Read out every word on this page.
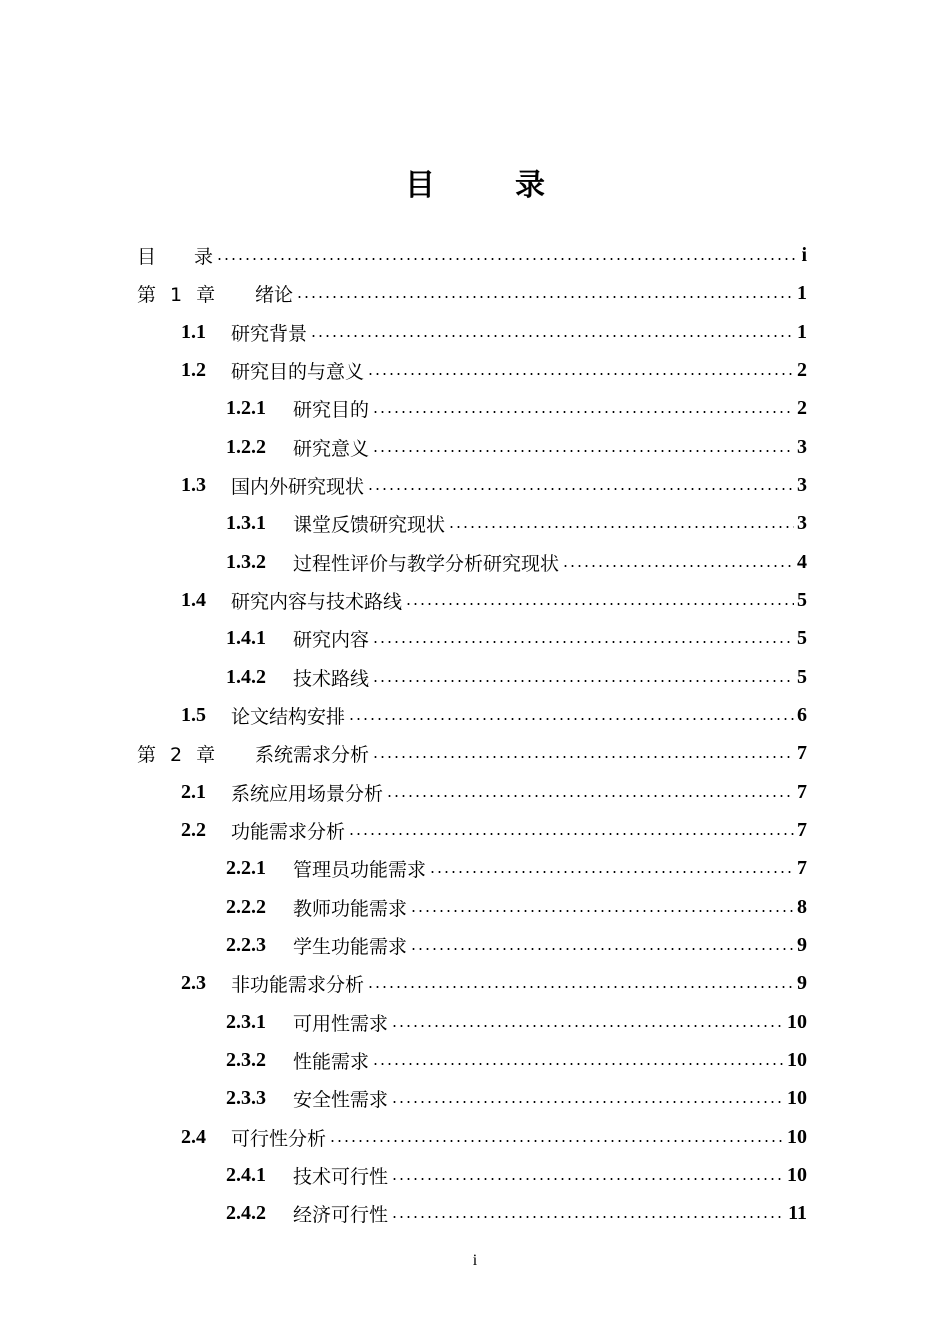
目	录
目　　录	i
第 1 章	绪论	1
1.1	研究背景	1
1.2	研究目的与意义	2
1.2.1	研究目的	2
1.2.2	研究意义	3
1.3	国内外研究现状	3
1.3.1	课堂反馈研究现状	3
1.3.2	过程性评价与教学分析研究现状	4
1.4	研究内容与技术路线	5
1.4.1	研究内容	5
1.4.2	技术路线	5
1.5	论文结构安排	6
第 2 章	系统需求分析	7
2.1	系统应用场景分析	7
2.2	功能需求分析	7
2.2.1	管理员功能需求	7
2.2.2	教师功能需求	8
2.2.3	学生功能需求	9
2.3	非功能需求分析	9
2.3.1	可用性需求	10
2.3.2	性能需求	10
2.3.3	安全性需求	10
2.4	可行性分析	10
2.4.1	技术可行性	10
2.4.2	经济可行性	11
i
